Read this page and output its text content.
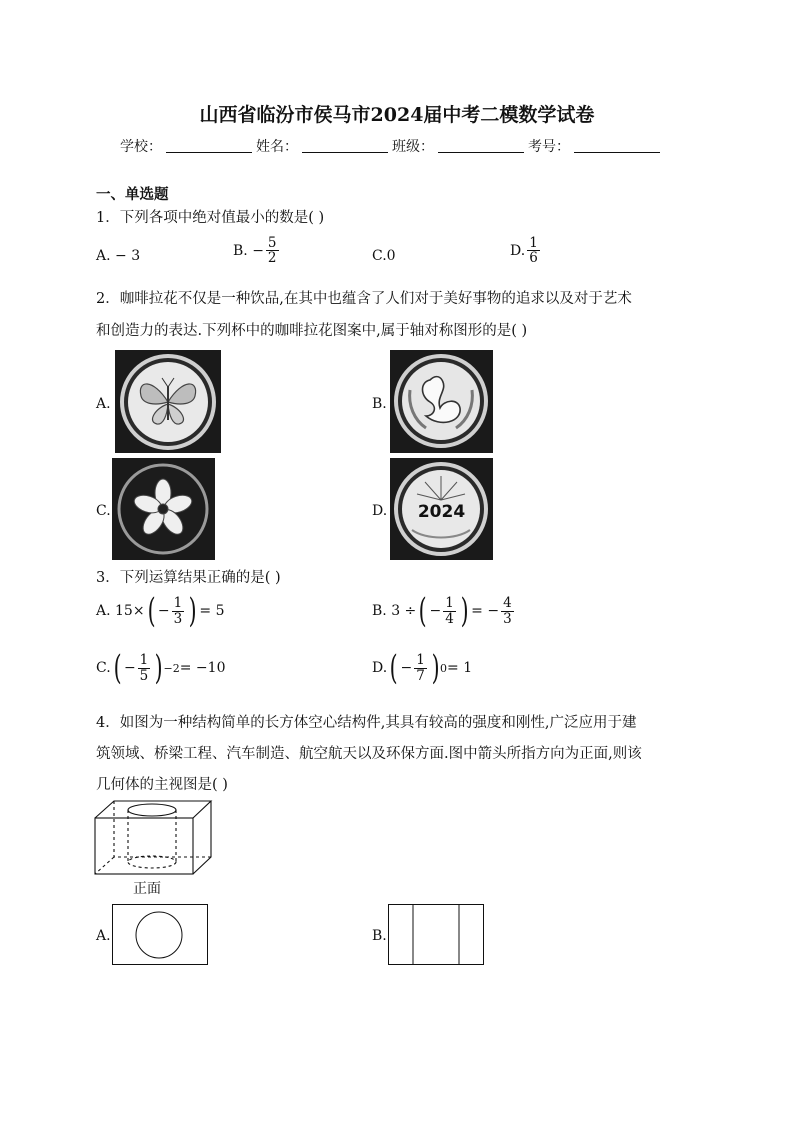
山西省临汾市侯马市2024届中考二模数学试卷
学校：	姓名：	班级：	考号：
一、单选题
1．下列各项中绝对值最小的数是( )
A. − 3	B. − $\frac{5}{2}$	C.0	D. $\frac{1}{6}$
2．咖啡拉花不仅是一种饮品,在其中也蕴含了人们对于美好事物的追求以及对于艺术
和创造力的表达.下列杯中的咖啡拉花图案中,属于轴对称图形的是( )
A.	B.
C.	D.	2024
3．下列运算结果正确的是( )
A. 15× ( − $\frac{1}{3}$ ) = 5	B. 3 ÷ ( − $\frac{1}{4}$ ) = − $\frac{4}{3}$
C. ( − $\frac{1}{5}$ ) −2 = −10	D. ( − $\frac{1}{7}$ ) 0 = 1
4．如图为一种结构简单的长方体空心结构件,其具有较高的强度和刚性,广泛应用于建
筑领域、桥梁工程、汽车制造、航空航天以及环保方面.图中箭头所指方向为正面,则该
几何体的主视图是( )
正面
A.	B.
